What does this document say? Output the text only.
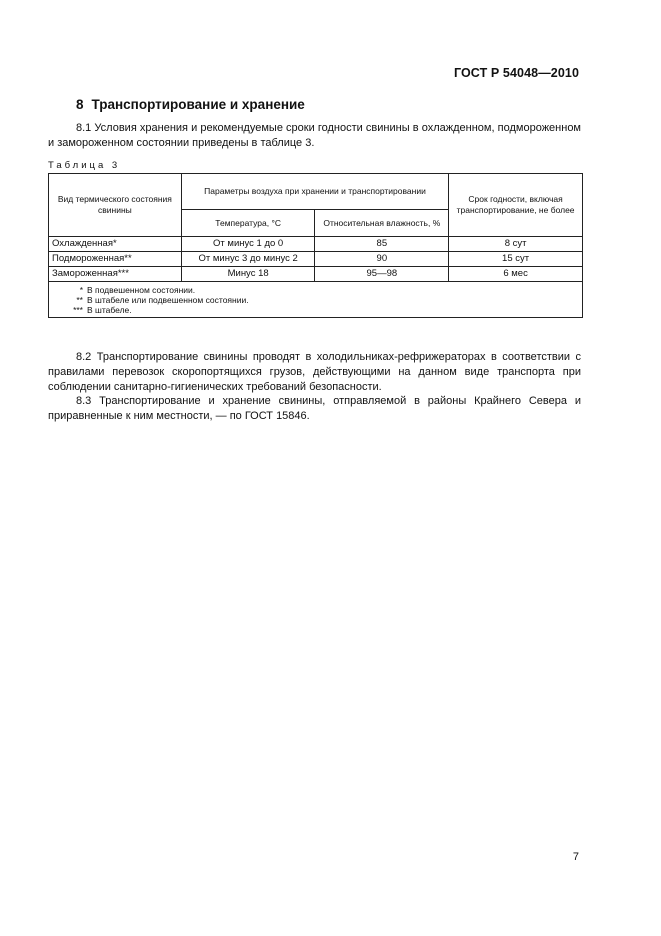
ГОСТ Р 54048—2010
8 Транспортирование и хранение
8.1 Условия хранения и рекомендуемые сроки годности свинины в охлажденном, подмороженном и замороженном состоянии приведены в таблице 3.
Таблица 3
Вид термического состояния свинины	Параметры воздуха при хранении и транспортировании		Срок годности, включая транспортирование, не более
	Температура, °С	Относительная влажность, %	
Охлажденная*	От минус 1 до 0	85	8 сут
Подмороженная**	От минус 3 до минус 2	90	15 сут
Замороженная***	Минус 18	95—98	6 мес

* В подвешенном состоянии.
** В штабеле или подвешенном состоянии.
*** В штабеле.			
8.2 Транспортирование свинины проводят в холодильниках-рефрижераторах в соответствии с правилами перевозок скоропортящихся грузов, действующими на данном виде транспорта при соблюдении санитарно-гигиенических требований безопасности.
8.3 Транспортирование и хранение свинины, отправляемой в районы Крайнего Севера и приравненные к ним местности, — по ГОСТ 15846.
7
